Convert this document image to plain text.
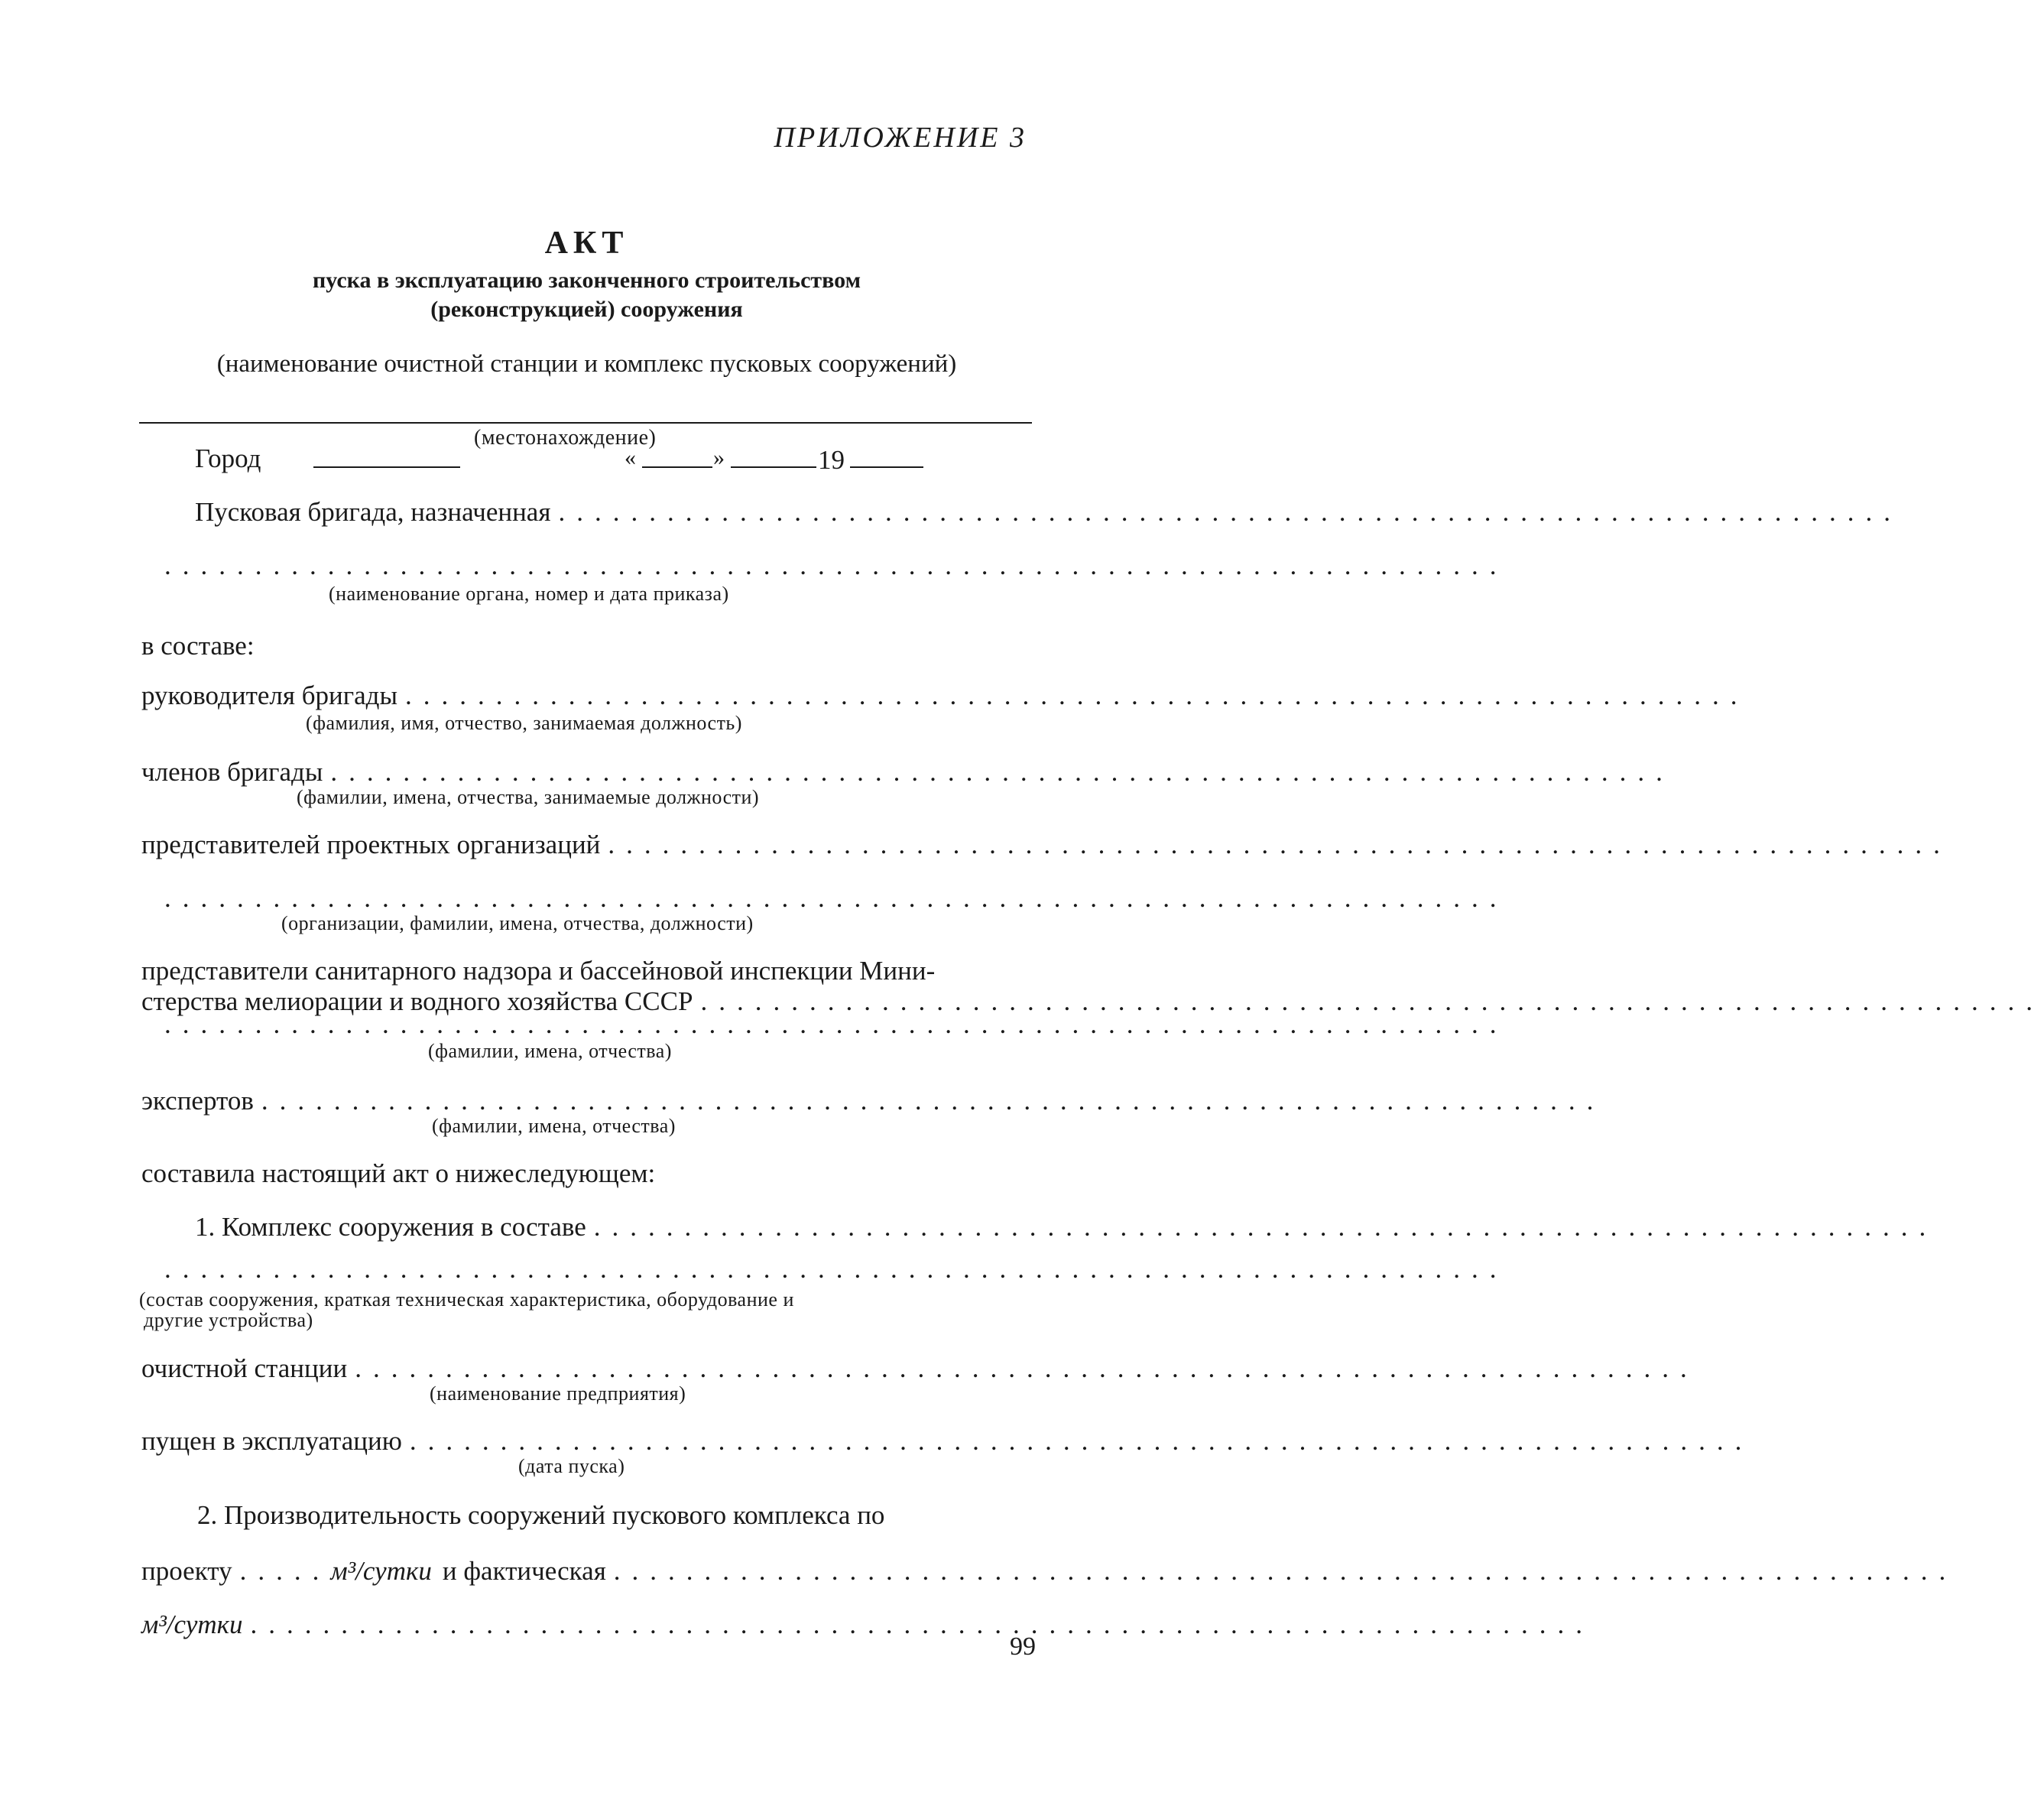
ПРИЛОЖЕНИЕ 3
АКТ
пуска в эксплуатацию законченного строительством
(реконструкцией) сооружения
(наименование очистной станции и комплекс пусковых сооружений)
(местонахождение)
Город	«	»	19
Пусковая бригада, назначенная ..........................................................................
..........................................................................
(наименование органа, номер и дата приказа)
в составе:
руководителя бригады ..........................................................................
(фамилия, имя, отчество, занимаемая должность)
членов бригады ..........................................................................
(фамилии, имена, отчества, занимаемые должности)
представителей проектных организаций ..........................................................................
..........................................................................
(организации, фамилии, имена, отчества, должности)
представители санитарного надзора и бассейновой инспекции Мини-
стерства мелиорации и водного хозяйства СССР ..........................................................................
..........................................................................
(фамилии, имена, отчества)
экспертов ..........................................................................
(фамилии, имена, отчества)
составила настоящий акт о нижеследующем:
1. Комплекс сооружения в составе ..........................................................................
..........................................................................
(состав сооружения, краткая техническая характеристика, оборудование и
другие устройства)
очистной станции ..........................................................................
(наименование предприятия)
пущен в эксплуатацию ..........................................................................
(дата пуска)
2. Производительность сооружений пускового комплекса по
проекту ..... м³/сутки и фактическая ..........................................................................
м³/сутки ..........................................................................
99
